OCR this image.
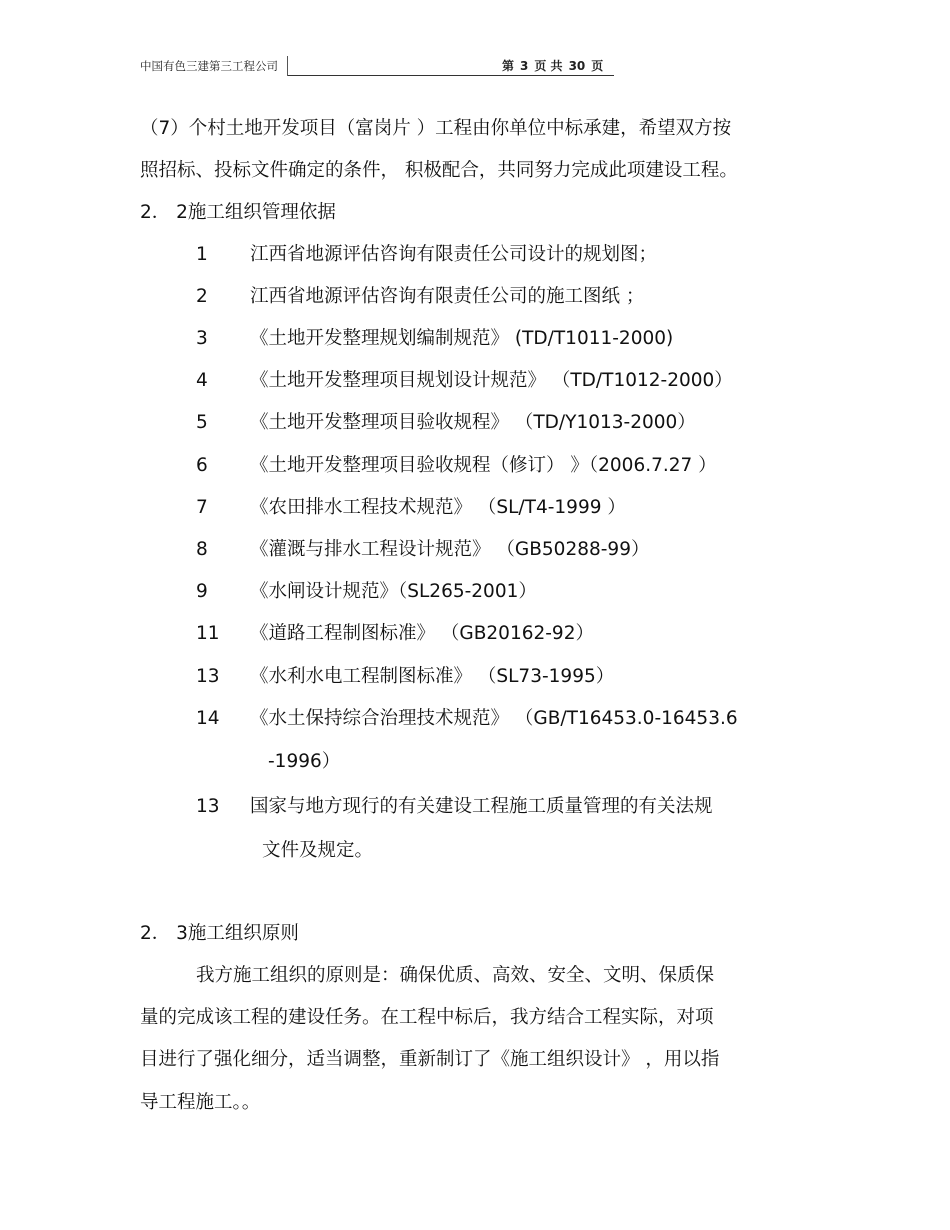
中国有色三建第三工程公司	第 3 页 共 30 页
（7）个村土地开发项目（富岗片 ）工程由你单位中标承建，希望双方按
照招标、投标文件确定的条件， 积极配合，共同努力完成此项建设工程。
2． 2施工组织管理依据
1 江西省地源评估咨询有限责任公司设计的规划图；
2 江西省地源评估咨询有限责任公司的施工图纸 ；
3 《土地开发整理规划编制规范》 (TD/T1011-2000)
4 《土地开发整理项目规划设计规范》 （TD/T1012-2000）
5 《土地开发整理项目验收规程》 （TD/Y1013-2000）
6 《土地开发整理项目验收规程（修订） 》（2006.7.27 ）
7 《农田排水工程技术规范》 （SL/T4-1999 ）
8 《灌溉与排水工程设计规范》 （GB50288-99）
9 《水闸设计规范》（SL265-2001）
11 《道路工程制图标准》 （GB20162-92）
13 《水利水电工程制图标准》 （SL73-1995）
14 《水土保持综合治理技术规范》 （GB/T16453.0-16453.6
-1996）
13 国家与地方现行的有关建设工程施工质量管理的有关法规
文件及规定。
2． 3施工组织原则
我方施工组织的原则是：确保优质、高效、安全、文明、保质保
量的完成该工程的建设任务。在工程中标后，我方结合工程实际，对项
目进行了强化细分，适当调整，重新制订了《施工组织设计》 ，用以指
导工程施工。。
